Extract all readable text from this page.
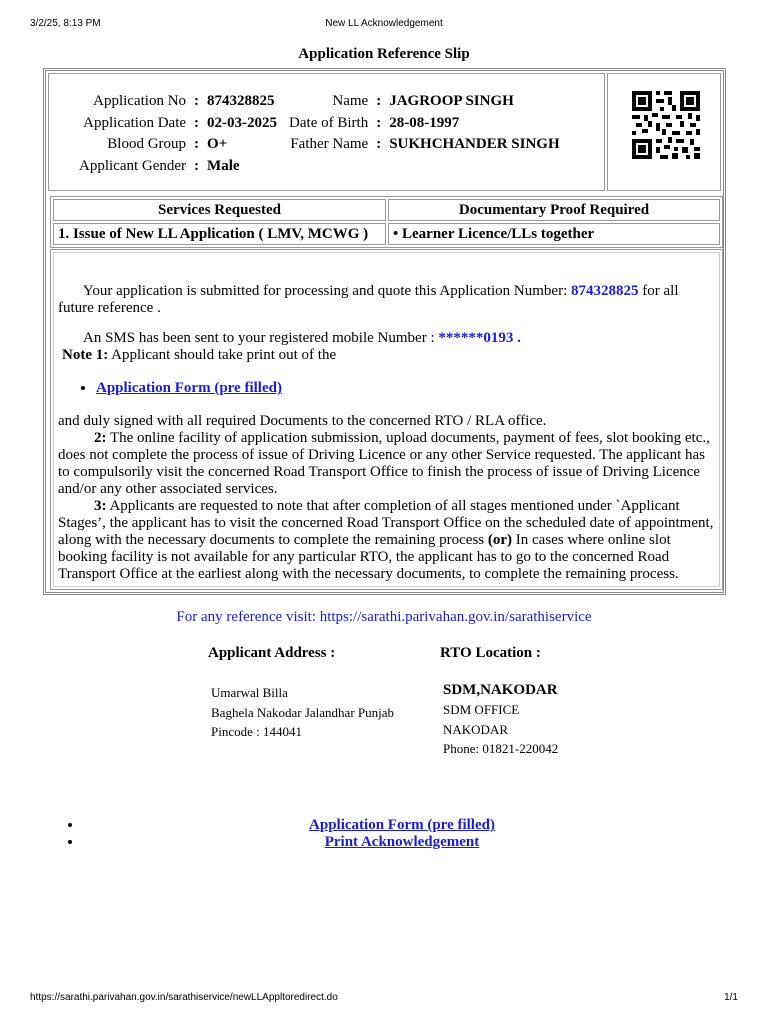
3/2/25, 8:13 PM	New LL Acknowledgement
Application Reference Slip
Application No	:	874328825	Name	:	JAGROOP SINGH
Application Date	:	02-03-2025	Date of Birth	:	28-08-1997
Blood Group	:	O+	Father Name	:	SUKHCHANDER SINGH
Applicant Gender	:	Male			
Services Requested	Documentary Proof Required
1. Issue of New LL Application ( LMV, MCWG )	• Learner Licence/LLs together

Your application is submitted for processing and quote this Application Number: 874328825 for all future reference .

An SMS has been sent to your registered mobile Number : ******0193 .

Note 1: Applicant should take print out of the

• Application Form (pre filled)

and duly signed with all required Documents to the concerned RTO / RLA office.

2: The online facility of application submission, upload documents, payment of fees, slot booking etc., does not complete the process of issue of Driving Licence or any other Service requested. The applicant has to compulsorily visit the concerned Road Transport Office to finish the process of issue of Driving Licence and/or any other associated services.

3: Applicants are requested to note that after completion of all stages mentioned under `Applicant Stages’, the applicant has to visit the concerned Road Transport Office on the scheduled date of appointment, along with the necessary documents to complete the remaining process (or) In cases where online slot booking facility is not available for any particular RTO, the applicant has to go to the concerned Road Transport Office at the earliest along with the necessary documents, to complete the remaining process.

For any reference visit: https://sarathi.parivahan.gov.in/sarathiservice
Applicant Address :	RTO Location :
Umarwal Billa
Baghela Nakodar Jalandhar Punjab
Pincode : 144041
SDM,NAKODAR
SDM OFFICE
NAKODAR
Phone: 01821-220042
• Application Form (pre filled)
• Print Acknowledgement
https://sarathi.parivahan.gov.in/sarathiservice/newLLAppltoredirect.do	1/1
